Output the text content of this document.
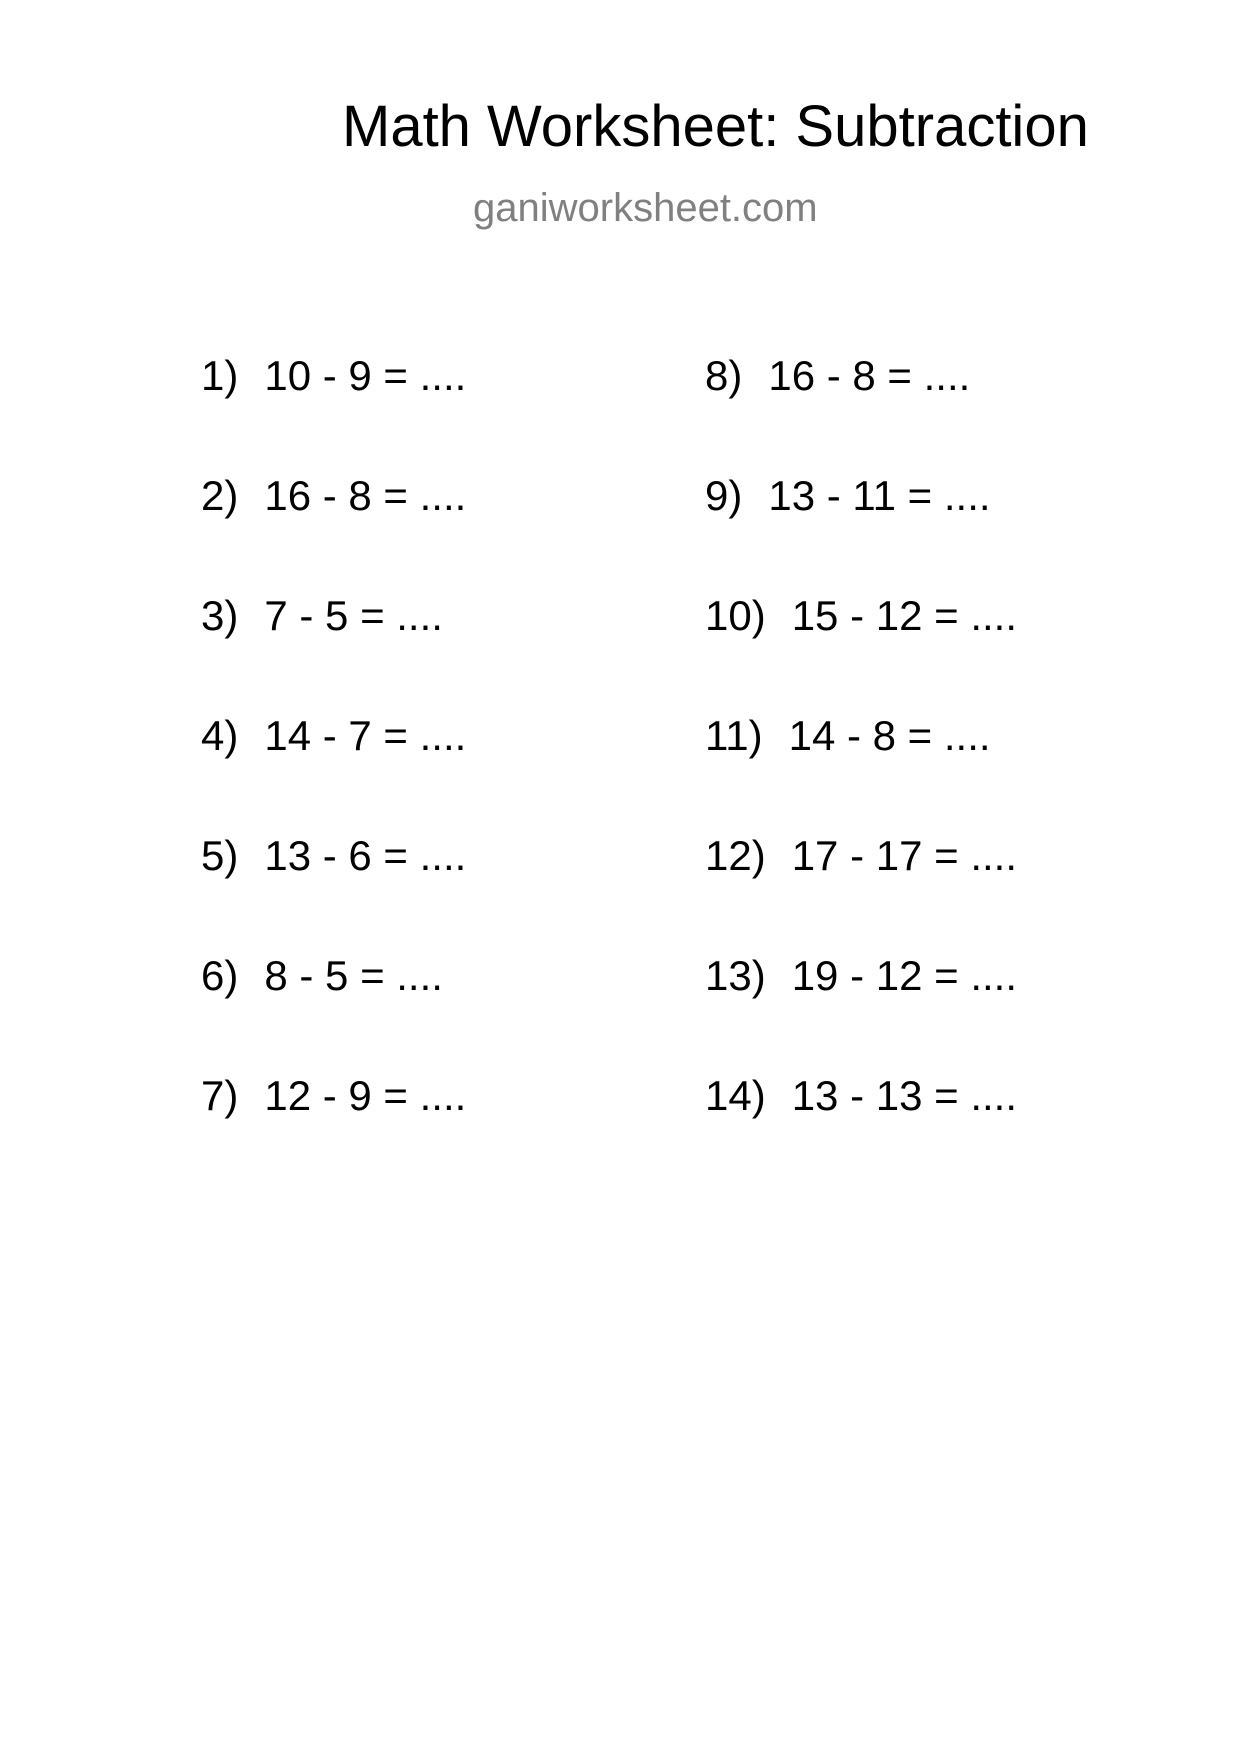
Math Worksheet: Subtraction

ganiworksheet.com

1) 10 - 9 = ....
2) 16 - 8 = ....
3) 7 - 5 = ....
4) 14 - 7 = ....
5) 13 - 6 = ....
6) 8 - 5 = ....
7) 12 - 9 = ....
8) 16 - 8 = ....
9) 13 - 11 = ....
10) 15 - 12 = ....
11) 14 - 8 = ....
12) 17 - 17 = ....
13) 19 - 12 = ....
14) 13 - 13 = ....
